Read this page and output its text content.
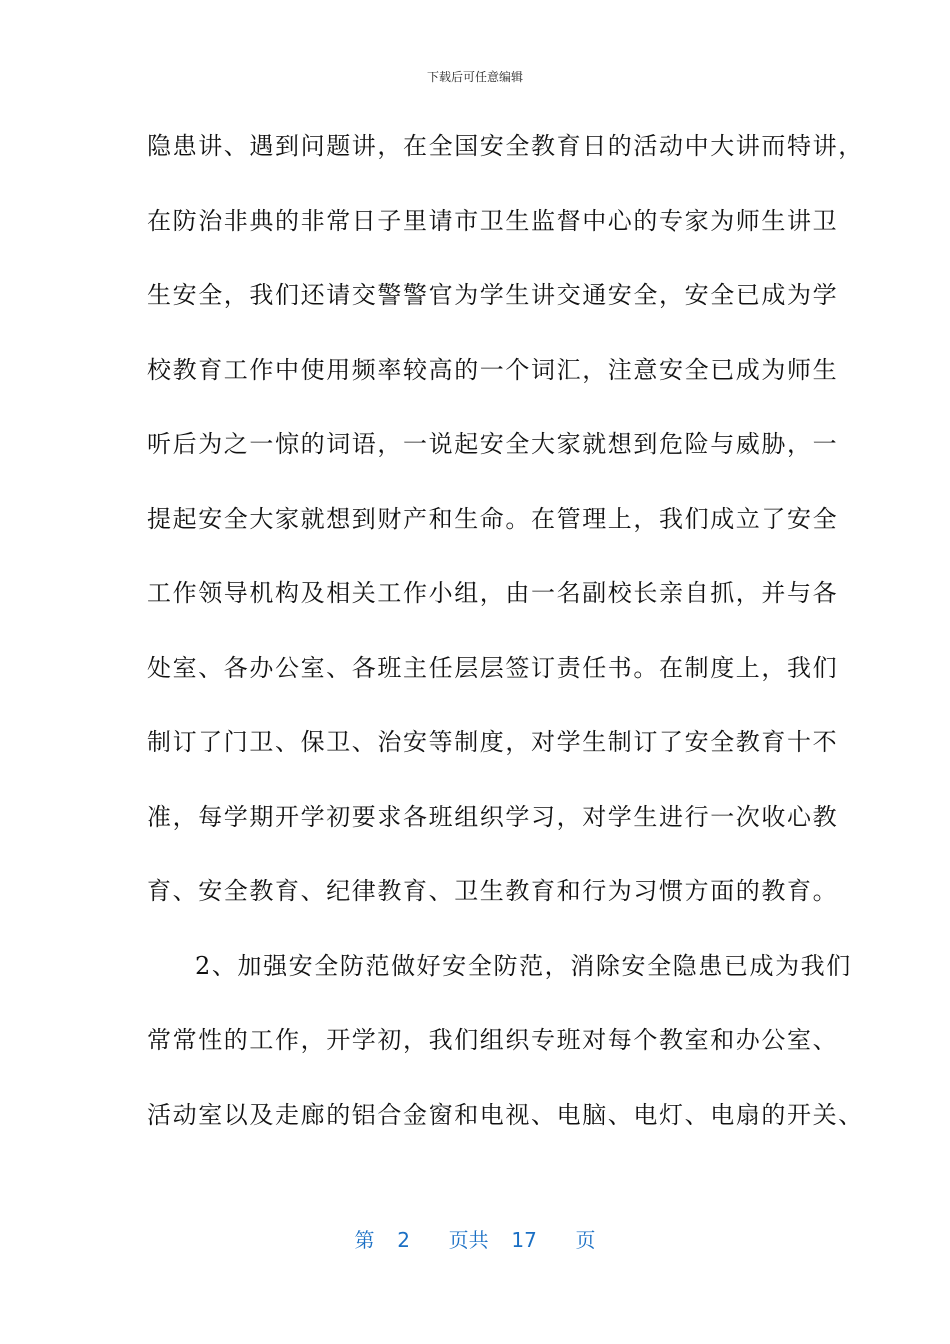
下载后可任意编辑
隐患讲、遇到问题讲，在全国安全教育日的活动中大讲而特讲，
在防治非典的非常日子里请市卫生监督中心的专家为师生讲卫
生安全，我们还请交警警官为学生讲交通安全，安全已成为学
校教育工作中使用频率较高的一个词汇，注意安全已成为师生
听后为之一惊的词语，一说起安全大家就想到危险与威胁，一
提起安全大家就想到财产和生命。在管理上，我们成立了安全
工作领导机构及相关工作小组，由一名副校长亲自抓，并与各
处室、各办公室、各班主任层层签订责任书。在制度上，我们
制订了门卫、保卫、治安等制度，对学生制订了安全教育十不
准，每学期开学初要求各班组织学习，对学生进行一次收心教
育、安全教育、纪律教育、卫生教育和行为习惯方面的教育。
2、加强安全防范做好安全防范，消除安全隐患已成为我们
常常性的工作，开学初，我们组织专班对每个教室和办公室、
活动室以及走廊的铝合金窗和电视、电脑、电灯、电扇的开关、
第 2 页共 17 页
